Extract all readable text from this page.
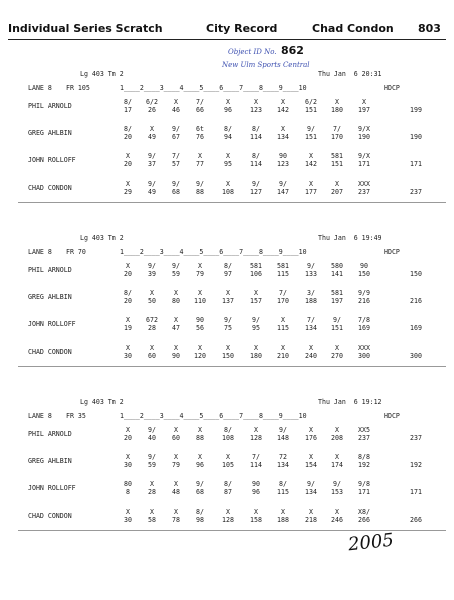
Individual Series Scratch	City Record	Chad Condon 803
Object ID No. 862
New Ulm Sports Central
Lg 403 Tm 2	Thu Jan  6 20:31
LANE 8 FR 105	1____2____3____4____5____6____7____8____9____10	HDCP
PHIL ARNOLD	8/	6/2	X	7/	X	X	X	6/2	X	X
17	26	46	66	96	123	142	151	180	197	199
GREG AHLBIN	8/	X	9/	6t	8/	8/	X	9/	7/	9/X
20	49	67	76	94	114	134	151	170	190	190
JOHN ROLLOFF	X	9/	7/	X	X	8/	90	X	581	9/X
20	37	57	77	95	114	123	142	151	171	171
CHAD CONDON	X	9/	9/	9/	X	9/	9/	X	X	XXX
29	49	68	88	108	127	147	177	207	237	237
Lg 403 Tm 2	Thu Jan  6 19:49
LANE 8 FR 70	1____2____3____4____5____6____7____8____9____10	HDCP
PHIL ARNOLD	X	9/	9/	X	8/	581	581	9/	580	90
20	39	59	79	97	106	115	133	141	150	150
GREG AHLBIN	8/	X	X	X	X	X	7/	3/	581	9/9
20	50	80	110	137	157	170	188	197	216	216
JOHN ROLLOFF	X	672	X	90	9/	9/	X	7/	9/	7/8
19	28	47	56	75	95	115	134	151	169	169
CHAD CONDON	X	X	X	X	X	X	X	X	X	XXX
30	60	90	120	150	180	210	240	270	300	300
Lg 403 Tm 2	Thu Jan  6 19:12
LANE 8 FR 35	1____2____3____4____5____6____7____8____9____10	HDCP
PHIL ARNOLD	X	9/	X	X	8/	X	9/	X	X	XX5
20	40	60	88	108	128	148	176	208	237	237
GREG AHLBIN	X	9/	X	X	X	7/	72	X	X	8/8
30	59	79	96	105	114	134	154	174	192	192
JOHN ROLLOFF	80	X	X	9/	8/	90	8/	9/	9/	9/8
8	28	48	68	87	96	115	134	153	171	171
CHAD CONDON	X	X	X	8/	X	X	X	X	X	X8/
30	58	78	98	128	158	188	218	246	266	266
2005
